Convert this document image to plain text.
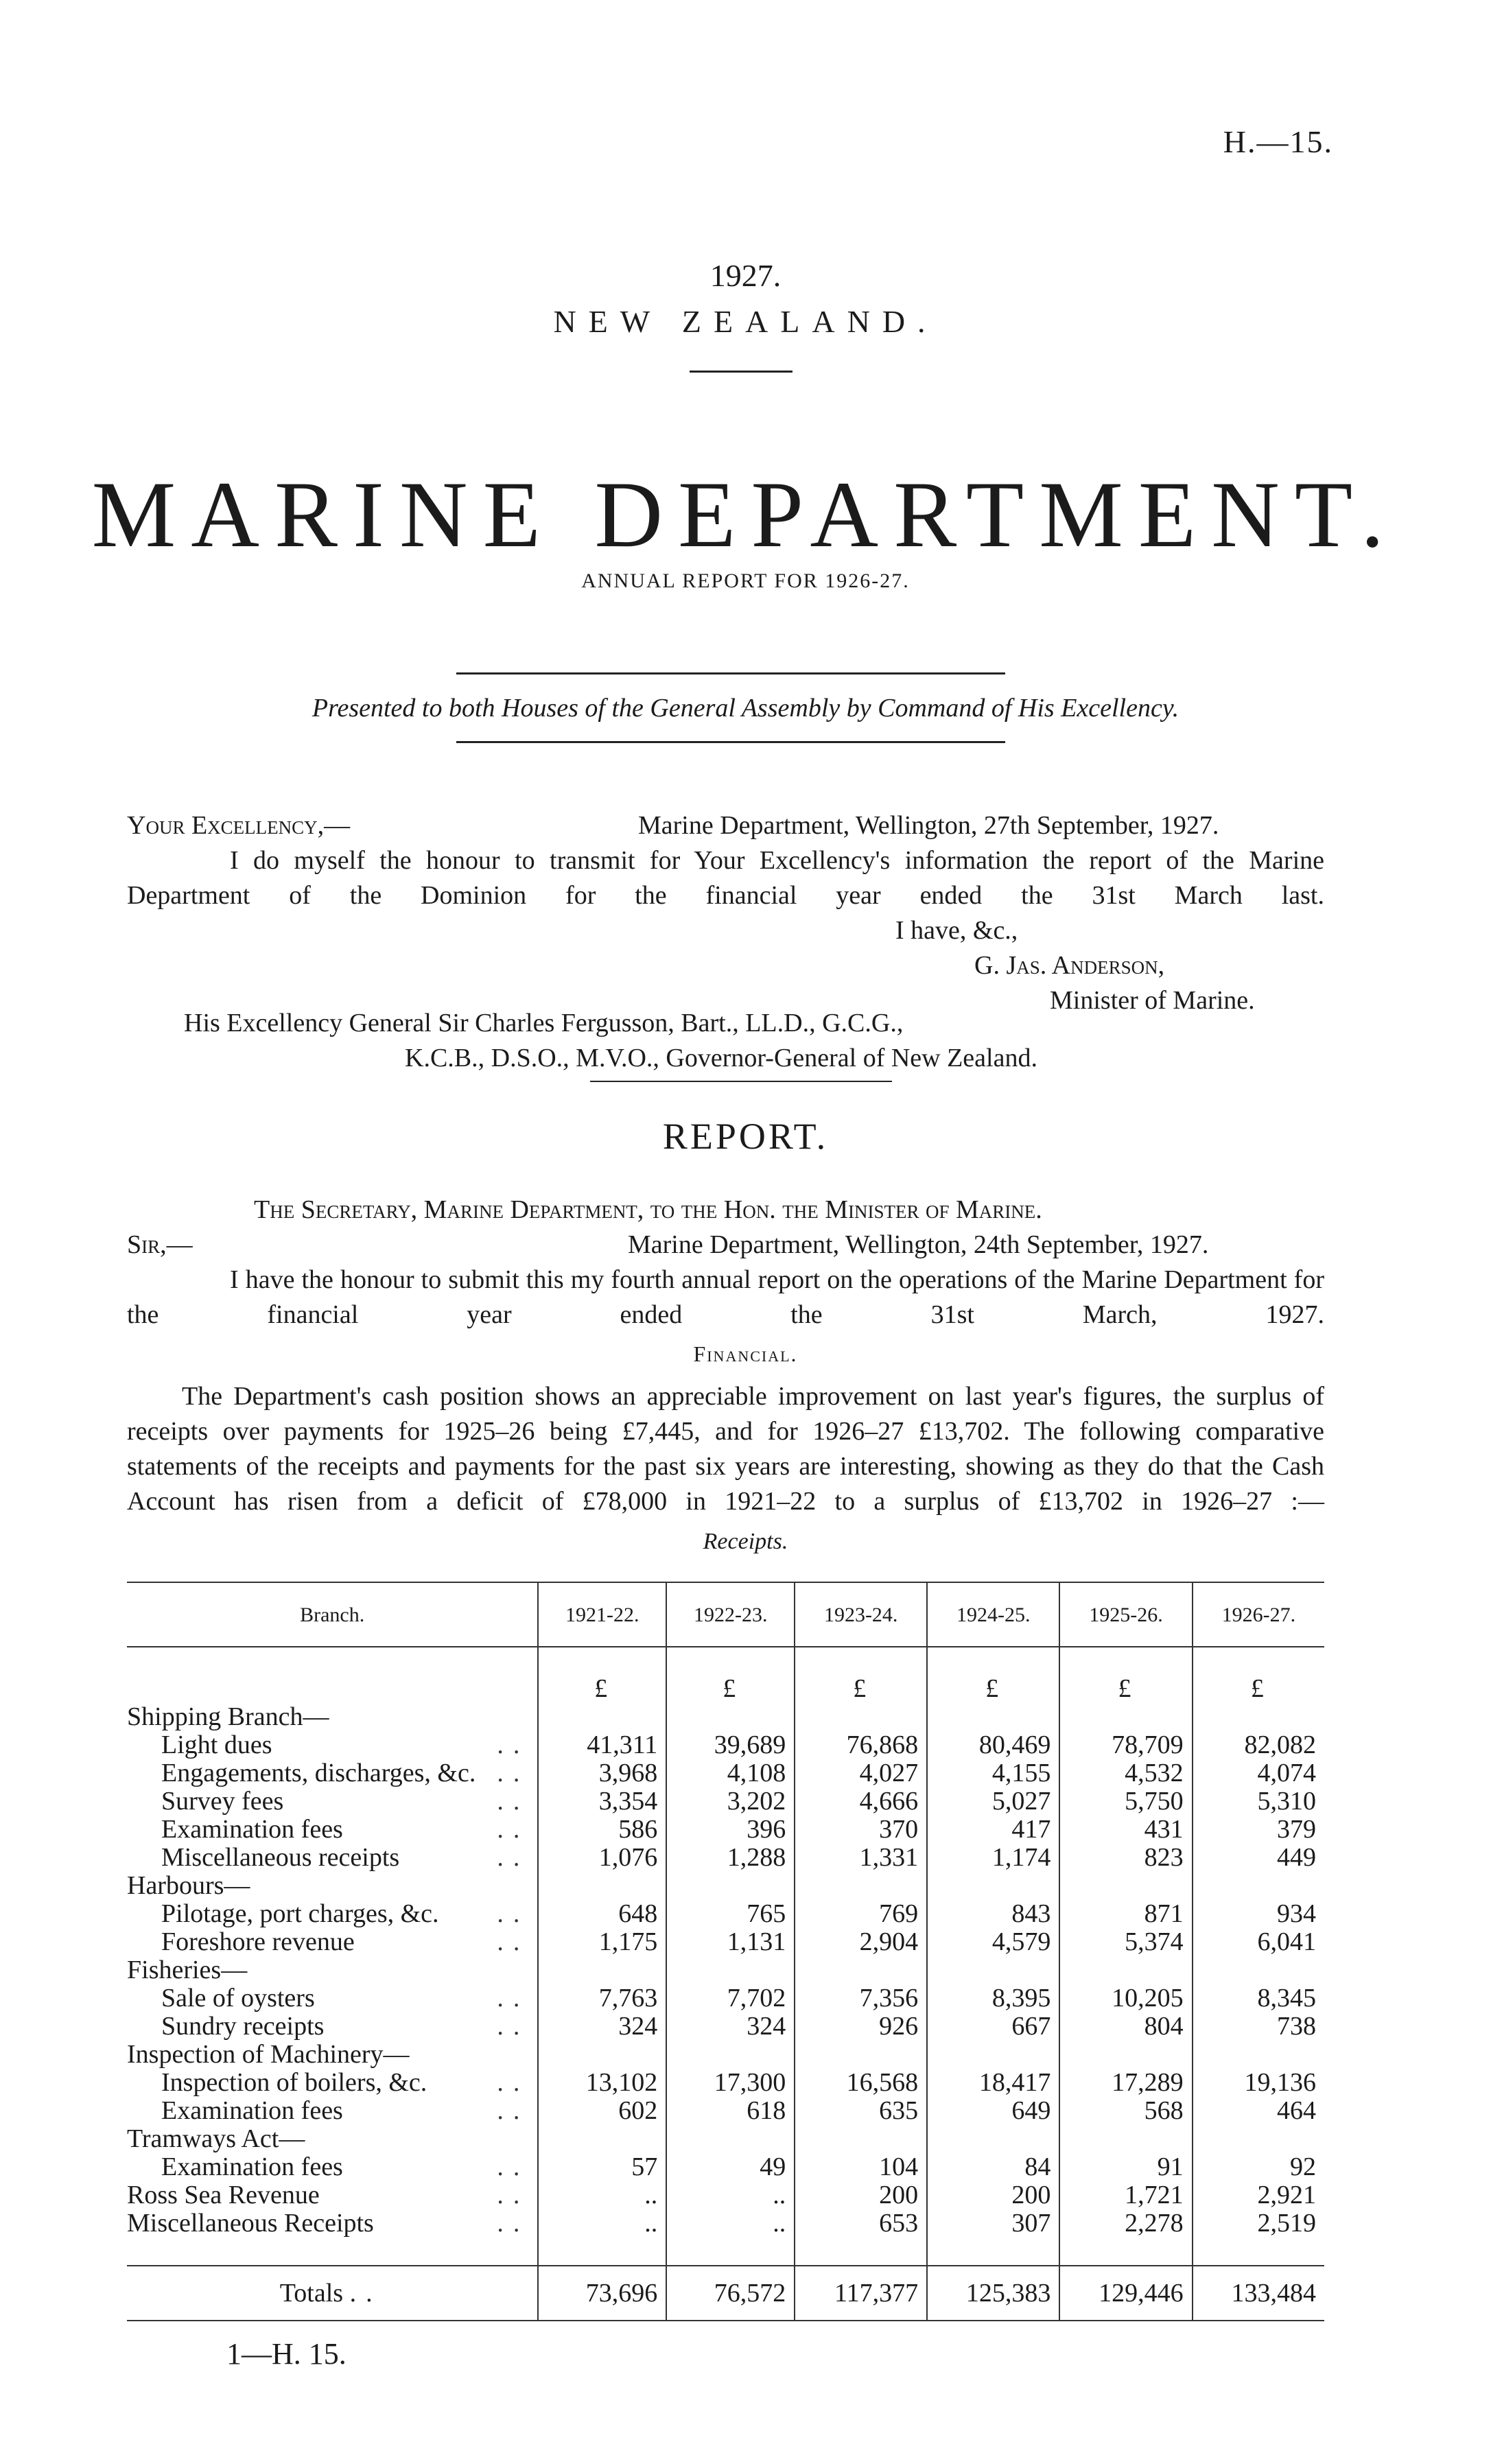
H.—15.
1927.
NEW ZEALAND.
MARINE DEPARTMENT.
ANNUAL REPORT FOR 1926-27.
Presented to both Houses of the General Assembly by Command of His Excellency.
Your Excellency,—	Marine Department, Wellington, 27th September, 1927.
I do myself the honour to transmit for Your Excellency's information the report of the Marine Department of the Dominion for the financial year ended the 31st March last.
I have, &c.,
G. Jas. Anderson,
Minister of Marine.
His Excellency General Sir Charles Fergusson, Bart., LL.D., G.C.G.,
K.C.B., D.S.O., M.V.O., Governor-General of New Zealand.
REPORT.
The Secretary, Marine Department, to the Hon. the Minister of Marine.
Sir,—	Marine Department, Wellington, 24th September, 1927.
I have the honour to submit this my fourth annual report on the operations of the Marine Department for the financial year ended the 31st March, 1927.
Financial.
The Department's cash position shows an appreciable improvement on last year's figures, the surplus of receipts over payments for 1925–26 being £7,445, and for 1926–27 £13,702. The following comparative statements of the receipts and payments for the past six years are interesting, showing as they do that the Cash Account has risen from a deficit of £78,000 in 1921–22 to a surplus of £13,702 in 1926–27 :—
Receipts.
Branch.	1921-22.	1922-23.	1923-24.	1924-25.	1925-26.	1926-27.

	£	£	£	£	£	£
Shipping Branch—						
Light dues ..	41,311	39,689	76,868	80,469	78,709	82,082
Engagements, discharges, &c. ..	3,968	4,108	4,027	4,155	4,532	4,074
Survey fees ..	3,354	3,202	4,666	5,027	5,750	5,310
Examination fees ..	586	396	370	417	431	379
Miscellaneous receipts ..	1,076	1,288	1,331	1,174	823	449
Harbours—						
Pilotage, port charges, &c. ..	648	765	769	843	871	934
Foreshore revenue ..	1,175	1,131	2,904	4,579	5,374	6,041
Fisheries—						
Sale of oysters ..	7,763	7,702	7,356	8,395	10,205	8,345
Sundry receipts ..	324	324	926	667	804	738
Inspection of Machinery—						
Inspection of boilers, &c. ..	13,102	17,300	16,568	18,417	17,289	19,136
Examination fees ..	602	618	635	649	568	464
Tramways Act—						
Examination fees ..	57	49	104	84	91	92
Ross Sea Revenue ..	..	..	200	200	1,721	2,921
Miscellaneous Receipts ..	..	..	653	307	2,278	2,519

Totals ..	73,696	76,572	117,377	125,383	129,446	133,484
1—H. 15.
